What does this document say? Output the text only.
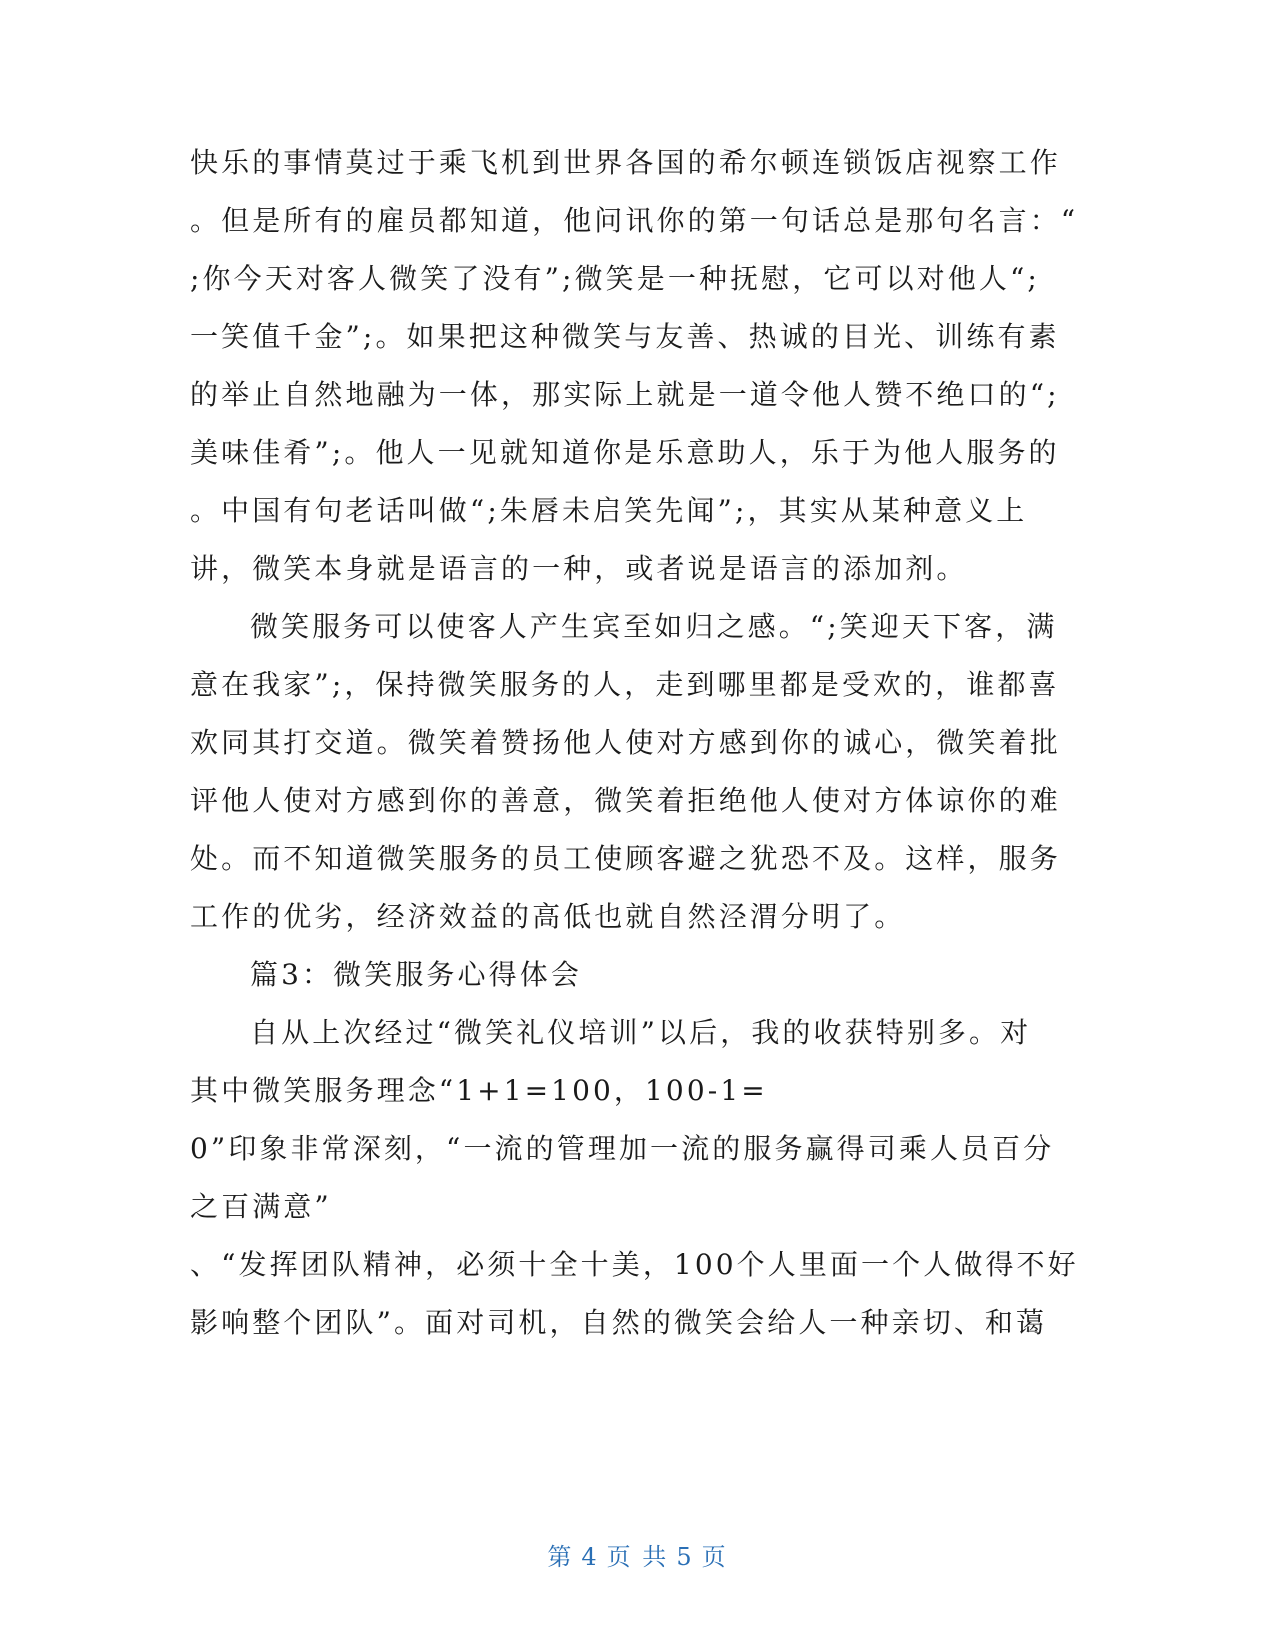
快乐的事情莫过于乘飞机到世界各国的希尔顿连锁饭店视察工作
。但是所有的雇员都知道，他问讯你的第一句话总是那句名言：“
;你今天对客人微笑了没有”;微笑是一种抚慰，它可以对他人“;
一笑值千金”;。如果把这种微笑与友善、热诚的目光、训练有素
的举止自然地融为一体，那实际上就是一道令他人赞不绝口的“;
美味佳肴”;。他人一见就知道你是乐意助人，乐于为他人服务的
。中国有句老话叫做“;朱唇未启笑先闻”;，其实从某种意义上
讲，微笑本身就是语言的一种，或者说是语言的添加剂。
微笑服务可以使客人产生宾至如归之感。“;笑迎天下客，满
意在我家”;，保持微笑服务的人，走到哪里都是受欢的，谁都喜
欢同其打交道。微笑着赞扬他人使对方感到你的诚心，微笑着批
评他人使对方感到你的善意，微笑着拒绝他人使对方体谅你的难
处。而不知道微笑服务的员工使顾客避之犹恐不及。这样，服务
工作的优劣，经济效益的高低也就自然泾渭分明了。
篇3：微笑服务心得体会
自从上次经过“微笑礼仪培训”以后，我的收获特别多。对
其中微笑服务理念“1+1=100，100-1=
0”印象非常深刻，“一流的管理加一流的服务赢得司乘人员百分
之百满意”
、“发挥团队精神，必须十全十美，100个人里面一个人做得不好
影响整个团队”。面对司机，自然的微笑会给人一种亲切、和蔼
第 4 页 共 5 页
